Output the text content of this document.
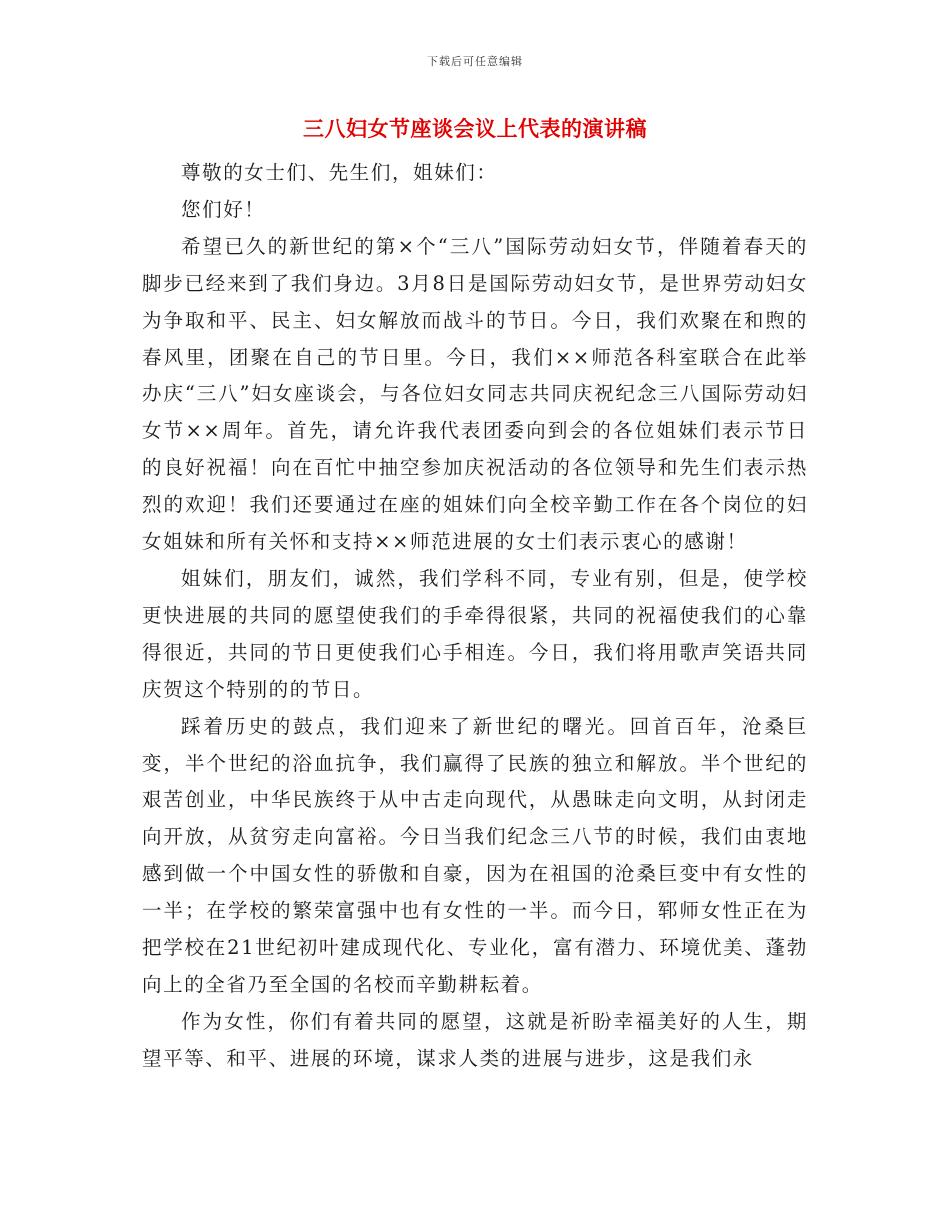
下载后可任意编辑
三八妇女节座谈会议上代表的演讲稿

尊敬的女士们、先生们，姐妹们：

您们好！

希望已久的新世纪的第×个“三八”国际劳动妇女节，伴随着春天的脚步已经来到了我们身边。3月8日是国际劳动妇女节，是世界劳动妇女为争取和平、民主、妇女解放而战斗的节日。今日，我们欢聚在和煦的春风里，团聚在自己的节日里。今日，我们××师范各科室联合在此举办庆“三八”妇女座谈会，与各位妇女同志共同庆祝纪念三八国际劳动妇女节××周年。首先，请允许我代表团委向到会的各位姐妹们表示节日的良好祝福！向在百忙中抽空参加庆祝活动的各位领导和先生们表示热烈的欢迎！我们还要通过在座的姐妹们向全校辛勤工作在各个岗位的妇女姐妹和所有关怀和支持××师范进展的女士们表示衷心的感谢！

姐妹们，朋友们，诚然，我们学科不同，专业有别，但是，使学校更快进展的共同的愿望使我们的手牵得很紧，共同的祝福使我们的心靠得很近，共同的节日更使我们心手相连。今日，我们将用歌声笑语共同庆贺这个特别的的节日。

踩着历史的鼓点，我们迎来了新世纪的曙光。回首百年，沧桑巨变，半个世纪的浴血抗争，我们赢得了民族的独立和解放。半个世纪的艰苦创业，中华民族终于从中古走向现代，从愚昧走向文明，从封闭走向开放，从贫穷走向富裕。今日当我们纪念三八节的时候，我们由衷地感到做一个中国女性的骄傲和自豪，因为在祖国的沧桑巨变中有女性的一半；在学校的繁荣富强中也有女性的一半。而今日，郓师女性正在为把学校在21世纪初叶建成现代化、专业化，富有潜力、环境优美、蓬勃向上的全省乃至全国的名校而辛勤耕耘着。

作为女性，你们有着共同的愿望，这就是祈盼幸福美好的人生，期望平等、和平、进展的环境，谋求人类的进展与进步，这是我们永
